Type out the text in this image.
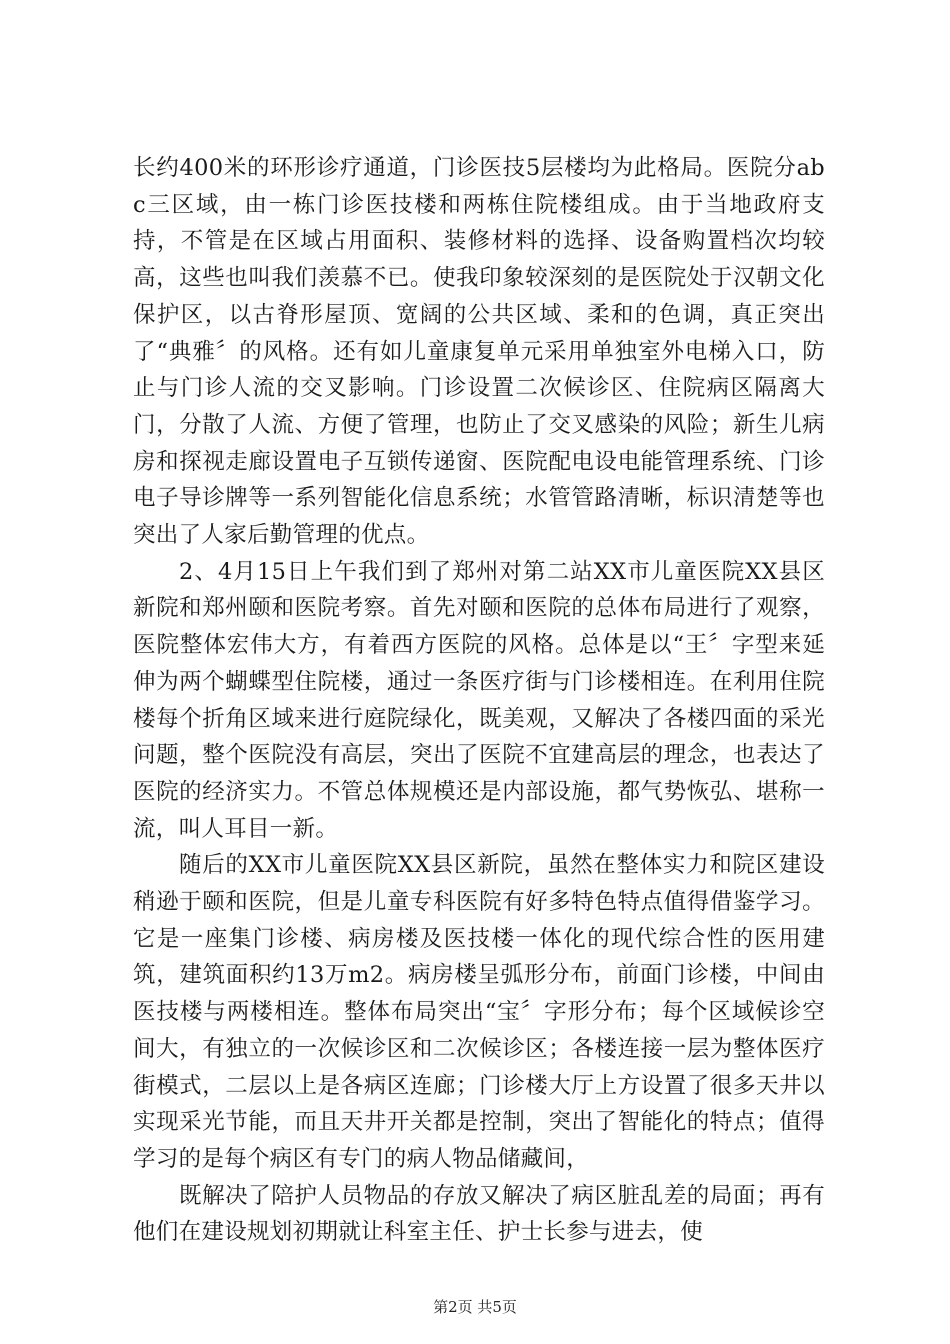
长约400米的环形诊疗通道，门诊医技5层楼均为此格局。医院分abc三区域，由一栋门诊医技楼和两栋住院楼组成。由于当地政府支持，不管是在区域占用面积、装修材料的选择、设备购置档次均较高，这些也叫我们羡慕不已。使我印象较深刻的是医院处于汉朝文化保护区，以古脊形屋顶、宽阔的公共区域、柔和的色调，真正突出了“典雅〞的风格。还有如儿童康复单元采用单独室外电梯入口，防止与门诊人流的交叉影响。门诊设置二次候诊区、住院病区隔离大门，分散了人流、方便了管理，也防止了交叉感染的风险；新生儿病房和探视走廊设置电子互锁传递窗、医院配电设电能管理系统、门诊电子导诊牌等一系列智能化信息系统；水管管路清晰，标识清楚等也突出了人家后勤管理的优点。

2、4月15日上午我们到了郑州对第二站XX市儿童医院XX县区新院和郑州颐和医院考察。首先对颐和医院的总体布局进行了观察，医院整体宏伟大方，有着西方医院的风格。总体是以“王〞字型来延伸为两个蝴蝶型住院楼，通过一条医疗街与门诊楼相连。在利用住院楼每个折角区域来进行庭院绿化，既美观，又解决了各楼四面的采光问题，整个医院没有高层，突出了医院不宜建高层的理念，也表达了医院的经济实力。不管总体规模还是内部设施，都气势恢弘、堪称一流，叫人耳目一新。

随后的XX市儿童医院XX县区新院，虽然在整体实力和院区建设稍逊于颐和医院，但是儿童专科医院有好多特色特点值得借鉴学习。它是一座集门诊楼、病房楼及医技楼一体化的现代综合性的医用建筑，建筑面积约13万m2。病房楼呈弧形分布，前面门诊楼，中间由医技楼与两楼相连。整体布局突出“宝〞字形分布；每个区域候诊空间大，有独立的一次候诊区和二次候诊区；各楼连接一层为整体医疗街模式，二层以上是各病区连廊；门诊楼大厅上方设置了很多天井以实现采光节能，而且天井开关都是控制，突出了智能化的特点；值得学习的是每个病区有专门的病人物品储藏间，

既解决了陪护人员物品的存放又解决了病区脏乱差的局面；再有他们在建设规划初期就让科室主任、护士长参与进去，使

第2页 共5页
